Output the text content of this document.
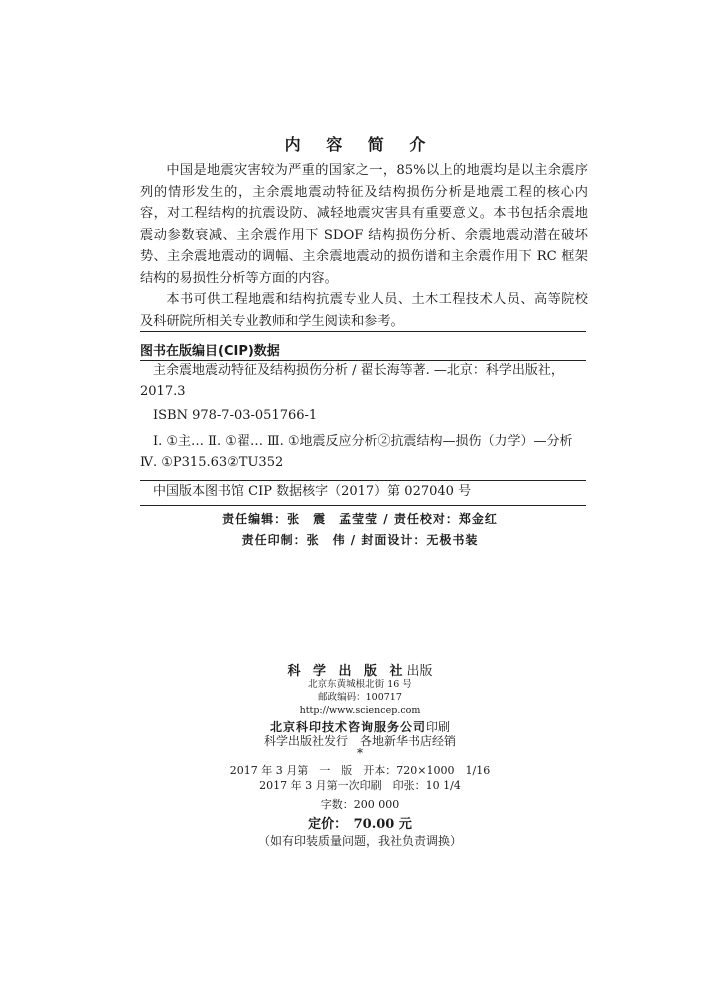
内 容 简 介

中国是地震灾害较为严重的国家之一，85%以上的地震均是以主余震序列的情形发生的，主余震地震动特征及结构损伤分析是地震工程的核心内容，对工程结构的抗震设防、减轻地震灾害具有重要意义。本书包括余震地震动参数衰减、主余震作用下 SDOF 结构损伤分析、余震地震动潜在破坏势、主余震地震动的调幅、主余震地震动的损伤谱和主余震作用下 RC 框架结构的易损性分析等方面的内容。

本书可供工程地震和结构抗震专业人员、土木工程技术人员、高等院校及科研院所相关专业教师和学生阅读和参考。

图书在版编目(CIP)数据
主余震地震动特征及结构损伤分析 / 翟长海等著. —北京：科学出版社，2017.3
ISBN 978-7-03-051766-1
Ⅰ. ①主… Ⅱ. ①翟… Ⅲ. ①地震反应分析②抗震结构—损伤（力学）—分析 Ⅳ. ①P315.63②TU352
中国版本图书馆 CIP 数据核字（2017）第 027040 号
责任编辑：张　震　孟莹莹 / 责任校对：郑金红
责任印制：张　伟 / 封面设计：无极书装
科 学 出 版 社出版
北京东黄城根北街 16 号
邮政编码：100717
http://www.sciencep.com
北京科印技术咨询服务公司印刷
科学出版社发行　各地新华书店经销
*
2017 年 3 月第　一　版　开本：720×1000　1/16
2017 年 3 月第一次印刷　印张：10 1/4
字数：200 000
定价：　70.00 元
（如有印装质量问题，我社负责调换）
